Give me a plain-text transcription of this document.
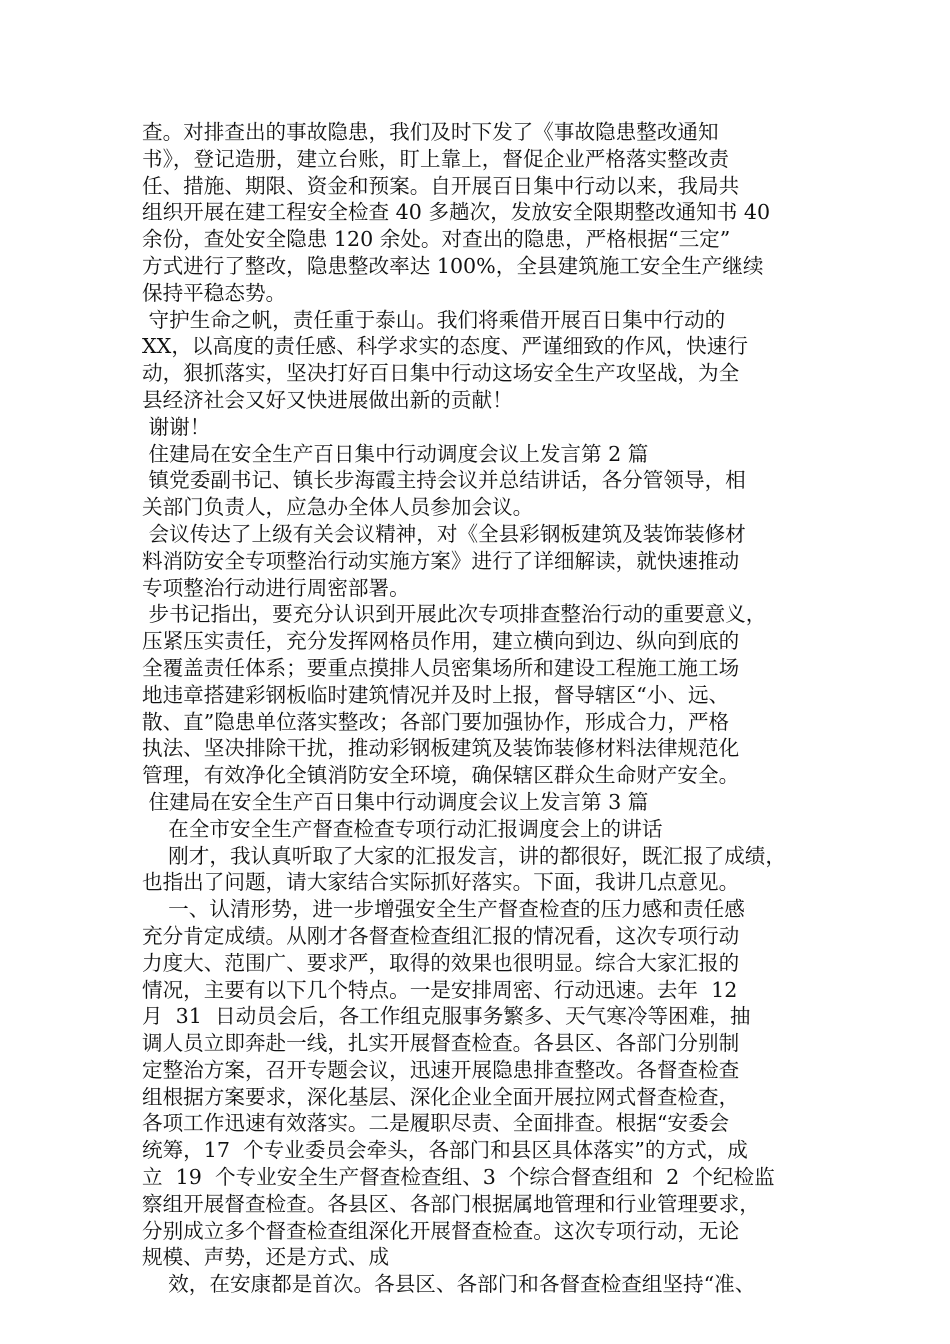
查。对排查出的事故隐患，我们及时下发了《事故隐患整改通知
书》，登记造册，建立台账，盯上靠上，督促企业严格落实整改责
任、措施、期限、资金和预案。自开展百日集中行动以来，我局共
组织开展在建工程安全检查 40 多趟次，发放安全限期整改通知书 40
余份，查处安全隐患 120 余处。对查出的隐患，严格根据“三定”
方式进行了整改，隐患整改率达 100%，全县建筑施工安全生产继续
保持平稳态势。
守护生命之帆，责任重于泰山。我们将乘借开展百日集中行动的
XX，以高度的责任感、科学求实的态度、严谨细致的作风，快速行
动，狠抓落实，坚决打好百日集中行动这场安全生产攻坚战，为全
县经济社会又好又快进展做出新的贡献！
谢谢！
住建局在安全生产百日集中行动调度会议上发言第 2 篇
镇党委副书记、镇长步海霞主持会议并总结讲话，各分管领导，相
关部门负责人，应急办全体人员参加会议。
会议传达了上级有关会议精神，对《全县彩钢板建筑及装饰装修材
料消防安全专项整治行动实施方案》进行了详细解读，就快速推动
专项整治行动进行周密部署。
步书记指出，要充分认识到开展此次专项排查整治行动的重要意义，
压紧压实责任，充分发挥网格员作用，建立横向到边、纵向到底的
全覆盖责任体系；要重点摸排人员密集场所和建设工程施工施工场
地违章搭建彩钢板临时建筑情况并及时上报，督导辖区“小、远、
散、直”隐患单位落实整改；各部门要加强协作，形成合力，严格
执法、坚决排除干扰，推动彩钢板建筑及装饰装修材料法律规范化
管理，有效净化全镇消防安全环境，确保辖区群众生命财产安全。
住建局在安全生产百日集中行动调度会议上发言第 3 篇
在全市安全生产督查检查专项行动汇报调度会上的讲话
刚才，我认真听取了大家的汇报发言，讲的都很好，既汇报了成绩，
也指出了问题，请大家结合实际抓好落实。下面，我讲几点意见。
一、认清形势，进一步增强安全生产督查检查的压力感和责任感
充分肯定成绩。从刚才各督查检查组汇报的情况看，这次专项行动
力度大、范围广、要求严，取得的效果也很明显。综合大家汇报的
情况，主要有以下几个特点。一是安排周密、行动迅速。去年  12
月  31  日动员会后，各工作组克服事务繁多、天气寒冷等困难，抽
调人员立即奔赴一线，扎实开展督查检查。各县区、各部门分别制
定整治方案，召开专题会议，迅速开展隐患排查整改。各督查检查
组根据方案要求，深化基层、深化企业全面开展拉网式督查检查，
各项工作迅速有效落实。二是履职尽责、全面排查。根据“安委会
统筹，17  个专业委员会牵头，各部门和县区具体落实”的方式，成
立  19  个专业安全生产督查检查组、3  个综合督查组和  2  个纪检监
察组开展督查检查。各县区、各部门根据属地管理和行业管理要求，
分别成立多个督查检查组深化开展督查检查。这次专项行动，无论
规模、声势，还是方式、成
效，在安康都是首次。各县区、各部门和各督查检查组坚持“准、
